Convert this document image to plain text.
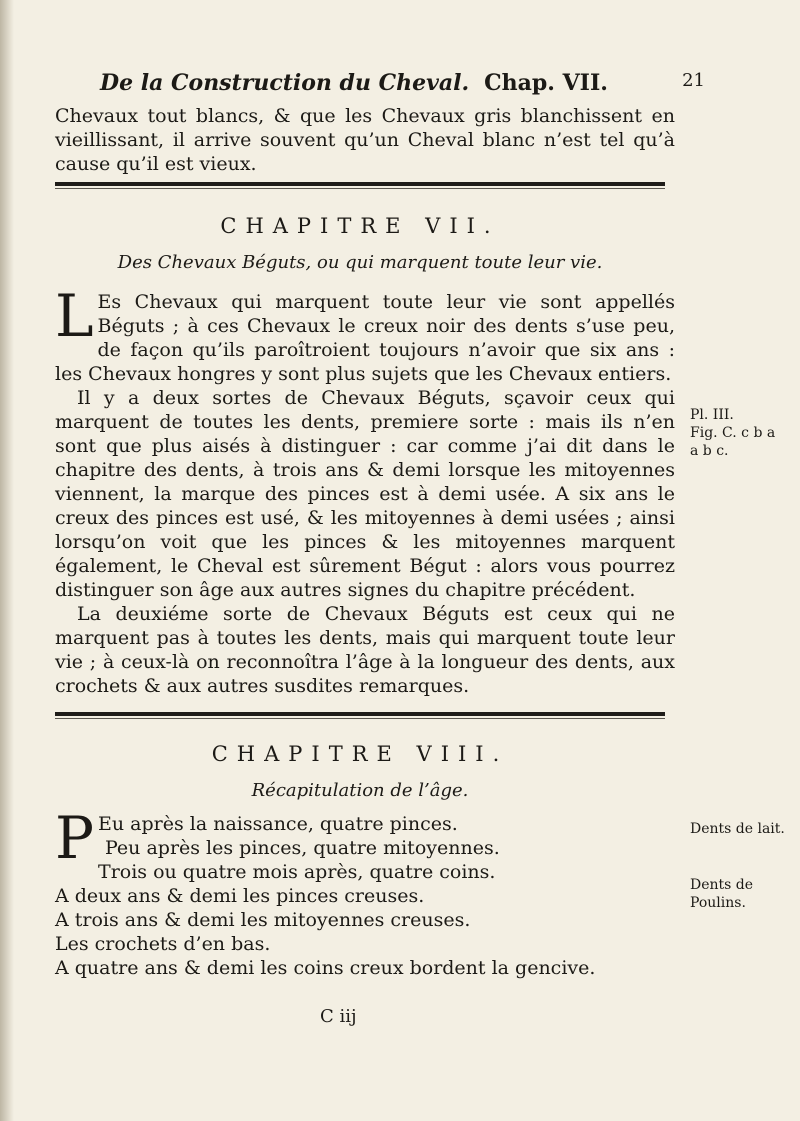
De la Construction du Cheval. Chap. VII.	21

Chevaux tout blancs, & que les Chevaux gris blanchissent en vieillissant, il arrive souvent qu’un Cheval blanc n’est tel qu’à cause qu’il est vieux.

CHAPITRE VII.
Des Chevaux Béguts, ou qui marquent toute leur vie.

L Es Chevaux qui marquent toute leur vie sont appellés Béguts ; à ces Chevaux le creux noir des dents s’use peu, de façon qu’ils paroîtroient toujours n’avoir que six ans : les Chevaux hongres y sont plus sujets que les Chevaux entiers.

Il y a deux sortes de Chevaux Béguts, sçavoir ceux qui marquent de toutes les dents, premiere sorte : mais ils n’en sont que plus aisés à distinguer : car comme j’ai dit dans le chapitre des dents, à trois ans & demi lorsque les mitoyennes viennent, la marque des pinces est à demi usée. A six ans le creux des pinces est usé, & les mitoyennes à demi usées ; ainsi lorsqu’on voit que les pinces & les mitoyennes marquent également, le Cheval est sûrement Bégut : alors vous pourrez distinguer son âge aux autres signes du chapitre précédent.

La deuxiéme sorte de Chevaux Béguts est ceux qui ne marquent pas à toutes les dents, mais qui marquent toute leur vie ; à ceux-là on reconnoîtra l’âge à la longueur des dents, aux crochets & aux autres susdites remarques.

Pl. III.
Fig. C. c b a
a b c.
CHAPITRE VIII.
Récapitulation de l’âge.
P Eu après la naissance, quatre pinces.

Peu après les pinces, quatre mitoyennes.

Trois ou quatre mois après, quatre coins.

A deux ans & demi les pinces creuses.

A trois ans & demi les mitoyennes creuses.

Les crochets d’en bas.

A quatre ans & demi les coins creux bordent la gencive.

Dents de lait.
Dents de Poulins.
C iij
